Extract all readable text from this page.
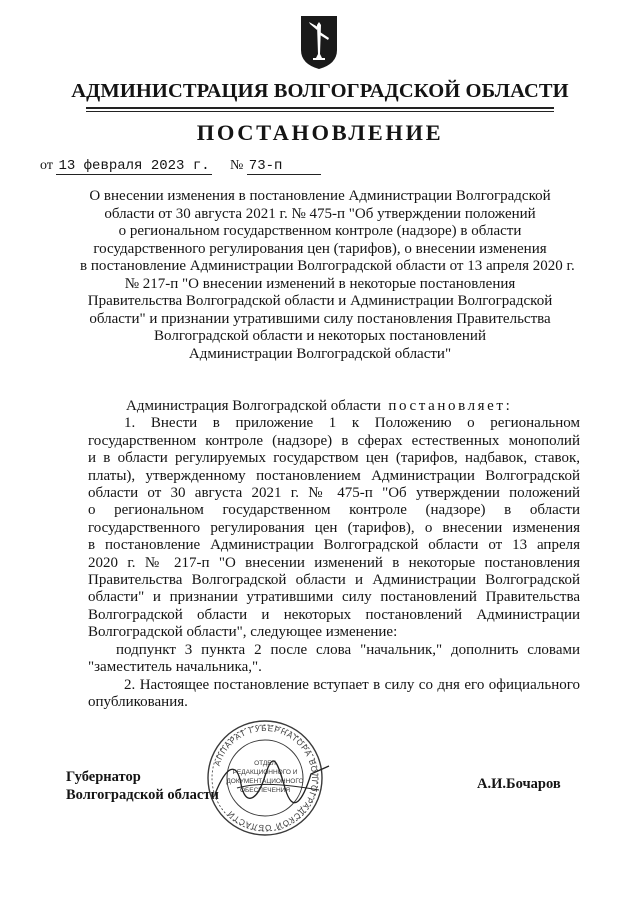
АДМИНИСТРАЦИЯ ВОЛГОГРАДСКОЙ ОБЛАСТИ
ПОСТАНОВЛЕНИЕ
от 13 февраля 2023 г. № 73-п
О внесении изменения в постановление Администрации Волгоградской
области от 30 августа 2021 г. № 475-п "Об утверждении положений
о региональном государственном контроле (надзоре) в области
государственного регулирования цен (тарифов), о внесении изменения
в постановление Администрации Волгоградской области от 13 апреля 2020 г.
№ 217-п "О внесении изменений в некоторые постановления
Правительства Волгоградской области и Администрации Волгоградской
области" и признании утратившими силу постановления Правительства
Волгоградской области и некоторых постановлений
Администрации Волгоградской области"
Администрация Волгоградской области постановляет:
1. Внести в приложение 1 к Положению о региональном
государственном контроле (надзоре) в сферах естественных монополий
и в области регулируемых государством цен (тарифов, надбавок, ставок,
платы), утвержденному постановлением Администрации Волгоградской
области от 30 августа 2021 г. № 475-п "Об утверждении положений
о региональном государственном контроле (надзоре) в области
государственного регулирования цен (тарифов), о внесении изменения
в постановление Администрации Волгоградской области от 13 апреля
2020 г. № 217-п "О внесении изменений в некоторые постановления
Правительства Волгоградской области и Администрации Волгоградской
области" и признании утратившими силу постановлений Правительства
Волгоградской области и некоторых постановлений Администрации
Волгоградской области", следующее изменение:
подпункт 3 пункта 2 после слова "начальник," дополнить словами
"заместитель начальника,".
2. Настоящее постановление вступает в силу со дня его официального
опубликования.
Губернатор
Волгоградской области
АППАРАТ ГУБЕРНАТОРА ВОЛГОГРАДСКОЙ ОБЛАСТИ
ОТДЕЛ
РЕДАКЦИОННОГО И
ДОКУМЕНТАЦИОННОГО
ОБЕСПЕЧЕНИЯ	А.И.Бочаров
